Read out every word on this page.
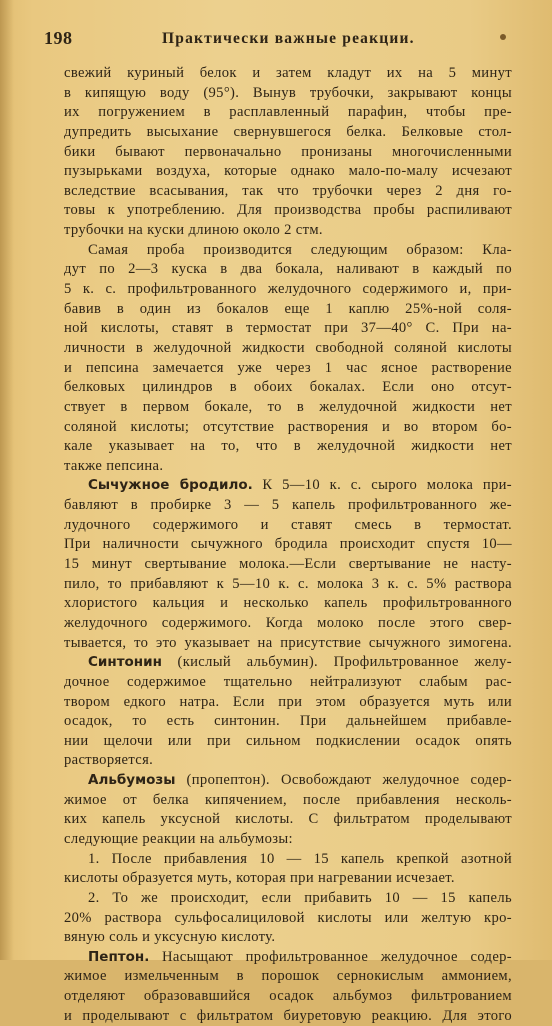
198	Практически важные реакции.
свежий куриный белок и затем кладут их на 5 минут
в кипящую воду (95°). Вынув трубочки, закрывают концы
их погружением в расплавленный парафин, чтобы пре-
дупредить высыхание свернувшегося белка. Белковые стол-
бики бывают первоначально пронизаны многочисленными
пузырьками воздуха, которые однако мало-по-малу исчезают
вследствие всасывания, так что трубочки через 2 дня го-
товы к употреблению. Для производства пробы распиливают
трубочки на куски длиною около 2 стм.
Самая проба производится следующим образом: Кла-
дут по 2—3 куска в два бокала, наливают в каждый по
5 к. с. профильтрованного желудочного содержимого и, при-
бавив в один из бокалов еще 1 каплю 25%-ной соля-
ной кислоты, ставят в термостат при 37—40° С. При на-
личности в желудочной жидкости свободной соляной кислоты
и пепсина замечается уже через 1 час ясное растворение
белковых цилиндров в обоих бокалах. Если оно отсут-
ствует в первом бокале, то в желудочной жидкости нет
соляной кислоты; отсутствие растворения и во втором бо-
кале указывает на то, что в желудочной жидкости нет
также пепсина.
Сычужное бродило. К 5—10 к. с. сырого молока при-
бавляют в пробирке 3 — 5 капель профильтрованного же-
лудочного содержимого и ставят смесь в термостат.
При наличности сычужного бродила происходит спустя 10—
15 минут свертывание молока.—Если свертывание не насту-
пило, то прибавляют к 5—10 к. с. молока 3 к. с. 5% раствора
хлористого кальция и несколько капель профильтрованного
желудочного содержимого. Когда молоко после этого свер-
тывается, то это указывает на присутствие сычужного зимогена.
Синтонин (кислый альбумин). Профильтрованное желу-
дочное содержимое тщательно нейтрализуют слабым рас-
твором едкого натра. Если при этом образуется муть или
осадок, то есть синтонин. При дальнейшем прибавле-
нии щелочи или при сильном подкислении осадок опять
растворяется.
Альбумозы (пропептон). Освобождают желудочное содер-
жимое от белка кипячением, после прибавления несколь-
ких капель уксусной кислоты. С фильтратом проделывают
следующие реакции на альбумозы:
1. После прибавления 10 — 15 капель крепкой азотной
кислоты образуется муть, которая при нагревании исчезает.
2. То же происходит, если прибавить 10 — 15 капель
20% раствора сульфосалициловой кислоты или желтую кро-
вяную соль и уксусную кислоту.
Пептон. Насыщают профильтрованное желудочное содер-
жимое измельченным в порошок сернокислым аммонием,
отделяют образовавшийся осадок альбумоз фильтрованием
и проделывают с фильтратом биуретовую реакцию. Для этого
